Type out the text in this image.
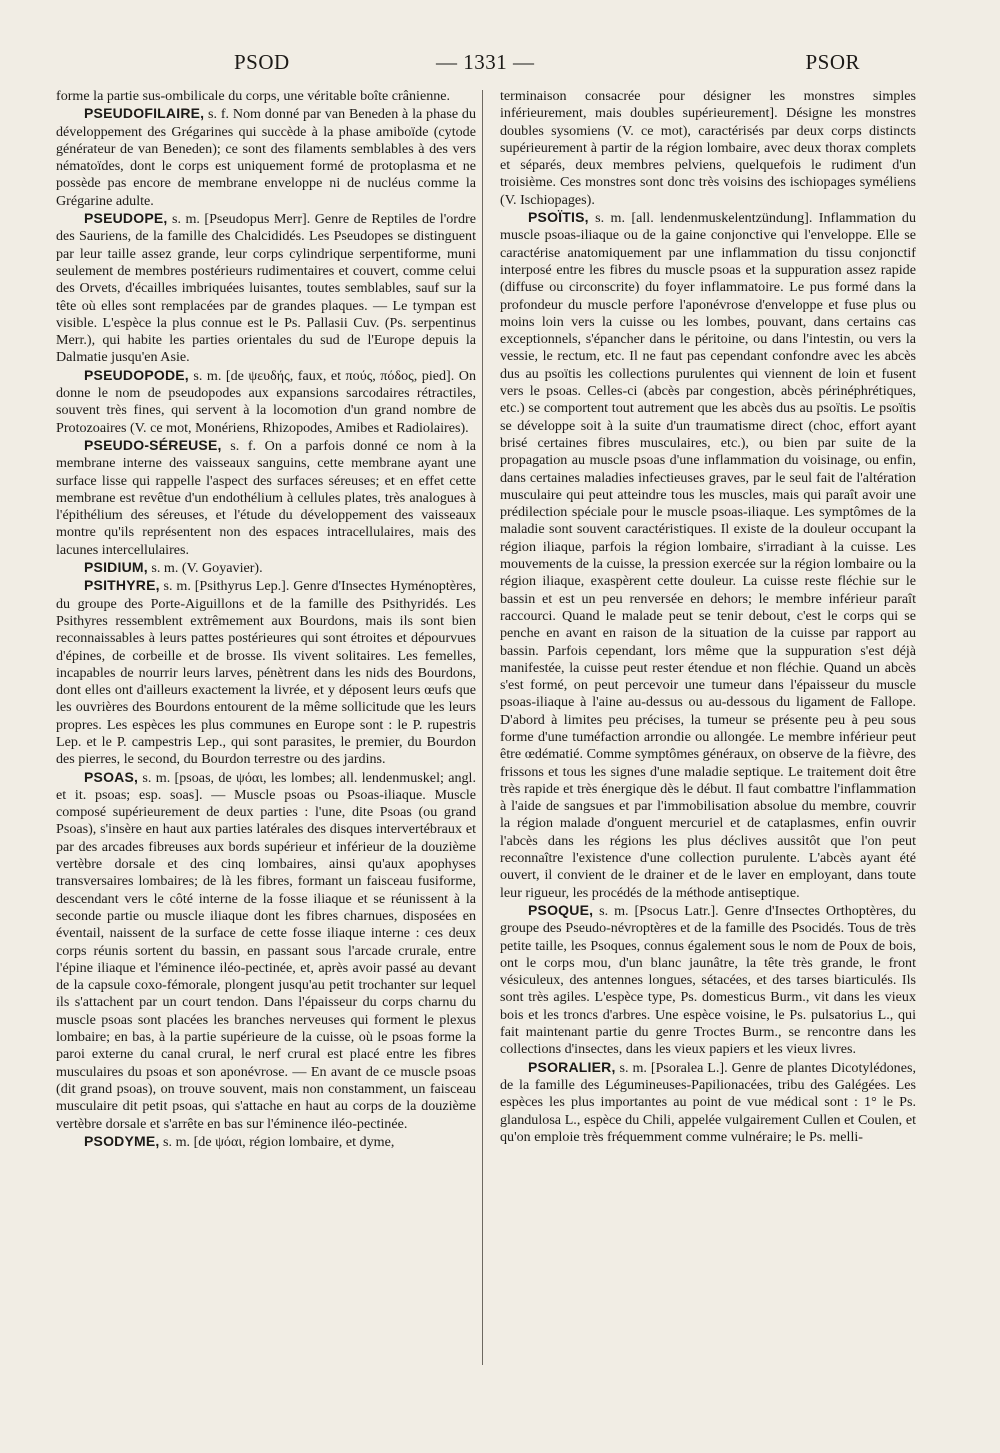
PSOD	— 1331 —	PSOR

forme la partie sus-ombilicale du corps, une véritable boîte crânienne.

PSEUDOFILAIRE, s. f. Nom donné par van Beneden à la phase du développement des Grégarines qui succède à la phase amiboïde (cytode générateur de van Beneden); ce sont des filaments semblables à des vers nématoïdes, dont le corps est uniquement formé de protoplasma et ne possède pas encore de membrane enveloppe ni de nucléus comme la Grégarine adulte.

PSEUDOPE, s. m. [Pseudopus Merr]. Genre de Reptiles de l'ordre des Sauriens, de la famille des Chalcididés. Les Pseudopes se distinguent par leur taille assez grande, leur corps cylindrique serpentiforme, muni seulement de membres postérieurs rudimentaires et couvert, comme celui des Orvets, d'écailles imbriquées luisantes, toutes semblables, sauf sur la tête où elles sont remplacées par de grandes plaques. — Le tympan est visible. L'espèce la plus connue est le Ps. Pallasii Cuv. (Ps. serpentinus Merr.), qui habite les parties orientales du sud de l'Europe depuis la Dalmatie jusqu'en Asie.

PSEUDOPODE, s. m. [de ψευδής, faux, et πούς, πόδος, pied]. On donne le nom de pseudopodes aux expansions sarcodaires rétractiles, souvent très fines, qui servent à la locomotion d'un grand nombre de Protozoaires (V. ce mot, Monériens, Rhizopodes, Amibes et Radiolaires).

PSEUDO-SÉREUSE, s. f. On a parfois donné ce nom à la membrane interne des vaisseaux sanguins, cette membrane ayant une surface lisse qui rappelle l'aspect des surfaces séreuses; et en effet cette membrane est revêtue d'un endothélium à cellules plates, très analogues à l'épithélium des séreuses, et l'étude du développement des vaisseaux montre qu'ils représentent non des espaces intracellulaires, mais des lacunes intercellulaires.

PSIDIUM, s. m. (V. Goyavier).

PSITHYRE, s. m. [Psithyrus Lep.]. Genre d'Insectes Hyménoptères, du groupe des Porte-Aiguillons et de la famille des Psithyridés. Les Psithyres ressemblent extrêmement aux Bourdons, mais ils sont bien reconnaissables à leurs pattes postérieures qui sont étroites et dépourvues d'épines, de corbeille et de brosse. Ils vivent solitaires. Les femelles, incapables de nourrir leurs larves, pénètrent dans les nids des Bourdons, dont elles ont d'ailleurs exactement la livrée, et y déposent leurs œufs que les ouvrières des Bourdons entourent de la même sollicitude que les leurs propres. Les espèces les plus communes en Europe sont : le P. rupestris Lep. et le P. campestris Lep., qui sont parasites, le premier, du Bourdon des pierres, le second, du Bourdon terrestre ou des jardins.

PSOAS, s. m. [psoas, de ψόαι, les lombes; all. lendenmuskel; angl. et it. psoas; esp. soas]. — Muscle psoas ou Psoas-iliaque. Muscle composé supérieurement de deux parties : l'une, dite Psoas (ou grand Psoas), s'insère en haut aux parties latérales des disques intervertébraux et par des arcades fibreuses aux bords supérieur et inférieur de la douzième vertèbre dorsale et des cinq lombaires, ainsi qu'aux apophyses transversaires lombaires; de là les fibres, formant un faisceau fusiforme, descendant vers le côté interne de la fosse iliaque et se réunissent à la seconde partie ou muscle iliaque dont les fibres charnues, disposées en éventail, naissent de la surface de cette fosse iliaque interne : ces deux corps réunis sortent du bassin, en passant sous l'arcade crurale, entre l'épine iliaque et l'éminence iléo-pectinée, et, après avoir passé au devant de la capsule coxo-fémorale, plongent jusqu'au petit trochanter sur lequel ils s'attachent par un court tendon. Dans l'épaisseur du corps charnu du muscle psoas sont placées les branches nerveuses qui forment le plexus lombaire; en bas, à la partie supérieure de la cuisse, où le psoas forme la paroi externe du canal crural, le nerf crural est placé entre les fibres musculaires du psoas et son aponévrose. — En avant de ce muscle psoas (dit grand psoas), on trouve souvent, mais non constamment, un faisceau musculaire dit petit psoas, qui s'attache en haut au corps de la douzième vertèbre dorsale et s'arrête en bas sur l'éminence iléo-pectinée.

PSODYME, s. m. [de ψόαι, région lombaire, et dyme,

terminaison consacrée pour désigner les monstres simples inférieurement, mais doubles supérieurement]. Désigne les monstres doubles sysomiens (V. ce mot), caractérisés par deux corps distincts supérieurement à partir de la région lombaire, avec deux thorax complets et séparés, deux membres pelviens, quelquefois le rudiment d'un troisième. Ces monstres sont donc très voisins des ischiopages syméliens (V. Ischiopages).

PSOÏTIS, s. m. [all. lendenmuskelentzündung]. Inflammation du muscle psoas-iliaque ou de la gaine conjonctive qui l'enveloppe. Elle se caractérise anatomiquement par une inflammation du tissu conjonctif interposé entre les fibres du muscle psoas et la suppuration assez rapide (diffuse ou circonscrite) du foyer inflammatoire. Le pus formé dans la profondeur du muscle perfore l'aponévrose d'enveloppe et fuse plus ou moins loin vers la cuisse ou les lombes, pouvant, dans certains cas exceptionnels, s'épancher dans le péritoine, ou dans l'intestin, ou vers la vessie, le rectum, etc. Il ne faut pas cependant confondre avec les abcès dus au psoïtis les collections purulentes qui viennent de loin et fusent vers le psoas. Celles-ci (abcès par congestion, abcès périnéphrétiques, etc.) se comportent tout autrement que les abcès dus au psoïtis. Le psoïtis se développe soit à la suite d'un traumatisme direct (choc, effort ayant brisé certaines fibres musculaires, etc.), ou bien par suite de la propagation au muscle psoas d'une inflammation du voisinage, ou enfin, dans certaines maladies infectieuses graves, par le seul fait de l'altération musculaire qui peut atteindre tous les muscles, mais qui paraît avoir une prédilection spéciale pour le muscle psoas-iliaque. Les symptômes de la maladie sont souvent caractéristiques. Il existe de la douleur occupant la région iliaque, parfois la région lombaire, s'irradiant à la cuisse. Les mouvements de la cuisse, la pression exercée sur la région lombaire ou la région iliaque, exaspèrent cette douleur. La cuisse reste fléchie sur le bassin et est un peu renversée en dehors; le membre inférieur paraît raccourci. Quand le malade peut se tenir debout, c'est le corps qui se penche en avant en raison de la situation de la cuisse par rapport au bassin. Parfois cependant, lors même que la suppuration s'est déjà manifestée, la cuisse peut rester étendue et non fléchie. Quand un abcès s'est formé, on peut percevoir une tumeur dans l'épaisseur du muscle psoas-iliaque à l'aine au-dessus ou au-dessous du ligament de Fallope. D'abord à limites peu précises, la tumeur se présente peu à peu sous forme d'une tuméfaction arrondie ou allongée. Le membre inférieur peut être œdématié. Comme symptômes généraux, on observe de la fièvre, des frissons et tous les signes d'une maladie septique. Le traitement doit être très rapide et très énergique dès le début. Il faut combattre l'inflammation à l'aide de sangsues et par l'immobilisation absolue du membre, couvrir la région malade d'onguent mercuriel et de cataplasmes, enfin ouvrir l'abcès dans les régions les plus déclives aussitôt que l'on peut reconnaître l'existence d'une collection purulente. L'abcès ayant été ouvert, il convient de le drainer et de le laver en employant, dans toute leur rigueur, les procédés de la méthode antiseptique.

PSOQUE, s. m. [Psocus Latr.]. Genre d'Insectes Orthoptères, du groupe des Pseudo-névroptères et de la famille des Psocidés. Tous de très petite taille, les Psoques, connus également sous le nom de Poux de bois, ont le corps mou, d'un blanc jaunâtre, la tête très grande, le front vésiculeux, des antennes longues, sétacées, et des tarses biarticulés. Ils sont très agiles. L'espèce type, Ps. domesticus Burm., vit dans les vieux bois et les troncs d'arbres. Une espèce voisine, le Ps. pulsatorius L., qui fait maintenant partie du genre Troctes Burm., se rencontre dans les collections d'insectes, dans les vieux papiers et les vieux livres.

PSORALIER, s. m. [Psoralea L.]. Genre de plantes Dicotylédones, de la famille des Légumineuses-Papilionacées, tribu des Galégées. Les espèces les plus importantes au point de vue médical sont : 1° le Ps. glandulosa L., espèce du Chili, appelée vulgairement Cullen et Coulen, et qu'on emploie très fréquemment comme vulnéraire; le Ps. melli-
